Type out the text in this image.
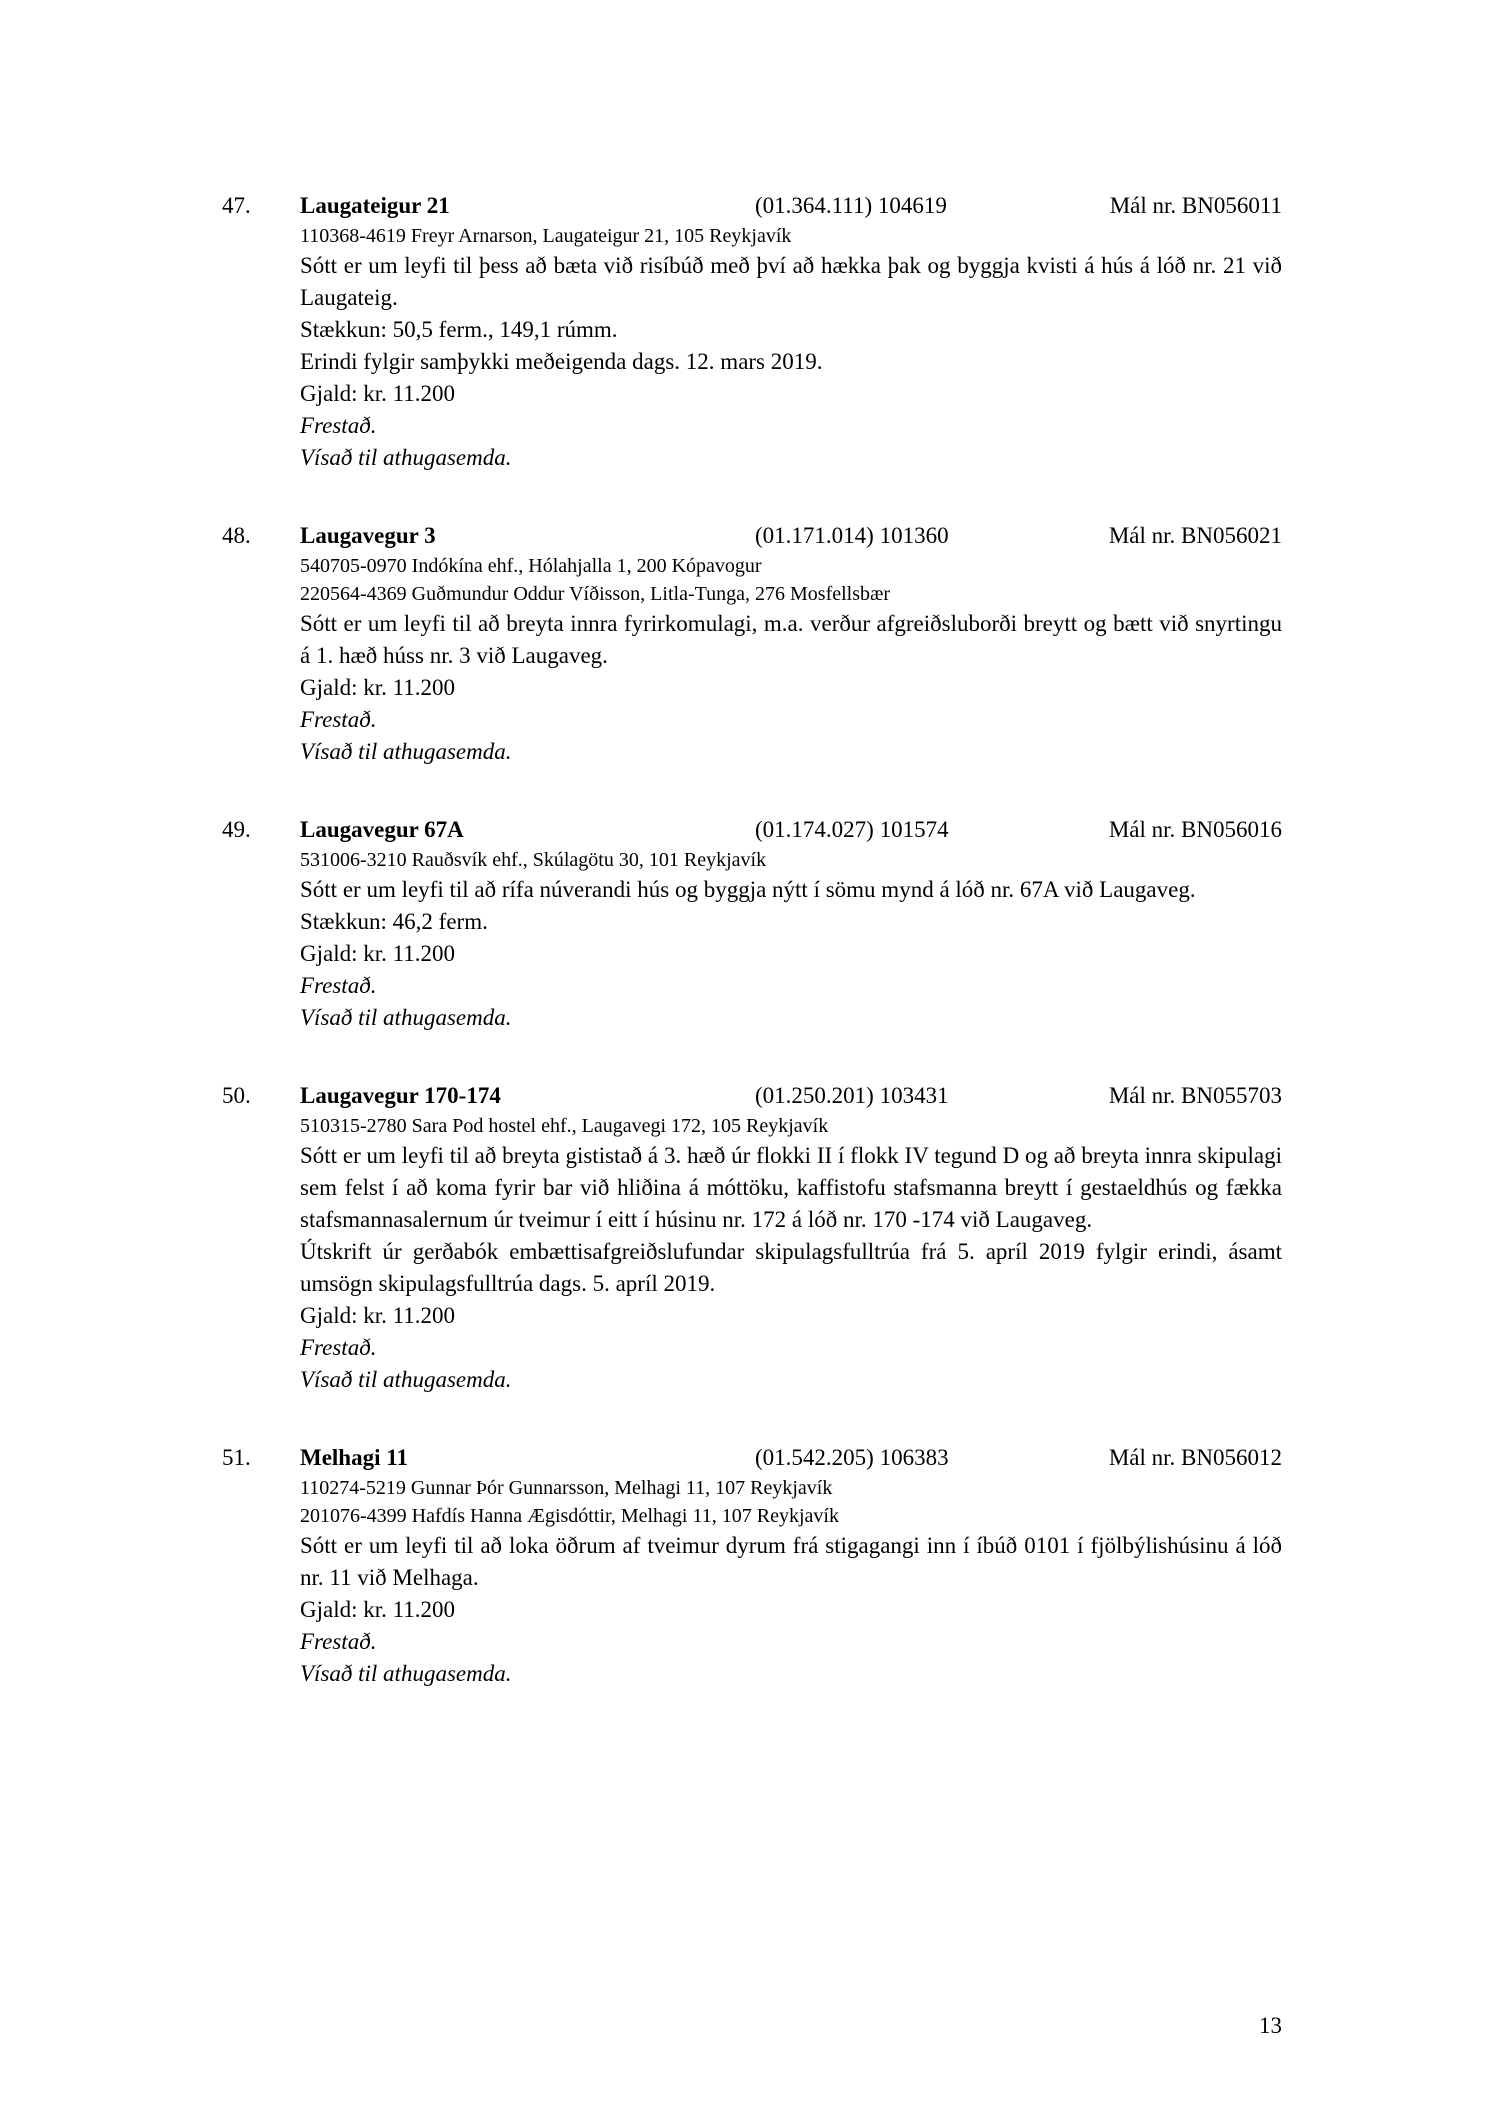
47. Laugateigur 21	(01.364.111) 104619	Mál nr. BN056011
110368-4619 Freyr Arnarson, Laugateigur 21, 105 Reykjavík
Sótt er um leyfi til þess að bæta við risíbúð með því að hækka þak og byggja kvisti á hús á lóð nr. 21 við Laugateig.
Stækkun: 50,5 ferm., 149,1 rúmm.
Erindi fylgir samþykki meðeigenda dags. 12. mars 2019.
Gjald: kr. 11.200
Frestað.
Vísað til athugasemda.
48. Laugavegur 3	(01.171.014) 101360	Mál nr. BN056021
540705-0970 Indókína ehf., Hólahjalla 1, 200 Kópavogur
220564-4369 Guðmundur Oddur Víðisson, Litla-Tunga, 276 Mosfellsbær
Sótt er um leyfi til að breyta innra fyrirkomulagi, m.a. verður afgreiðsluborði breytt og bætt við snyrtingu á 1. hæð húss nr. 3 við Laugaveg.
Gjald: kr. 11.200
Frestað.
Vísað til athugasemda.
49. Laugavegur 67A	(01.174.027) 101574	Mál nr. BN056016
531006-3210 Rauðsvík ehf., Skúlagötu 30, 101 Reykjavík
Sótt er um leyfi til að rífa núverandi hús og byggja nýtt í sömu mynd á lóð nr. 67A við Laugaveg.
Stækkun: 46,2 ferm.
Gjald: kr. 11.200
Frestað.
Vísað til athugasemda.
50. Laugavegur 170-174	(01.250.201) 103431	Mál nr. BN055703
510315-2780 Sara Pod hostel ehf., Laugavegi 172, 105 Reykjavík
Sótt er um leyfi til að breyta gististað á 3. hæð úr flokki II í flokk IV tegund D og að breyta innra skipulagi sem felst í að koma fyrir bar við hliðina á móttöku, kaffistofu stafsmanna breytt í gestaeldhús og fækka stafsmannasalernum úr tveimur í eitt í húsinu nr. 172 á lóð nr. 170 -174 við Laugaveg.
Útskrift úr gerðabók embættisafgreiðslufundar skipulagsfulltrúa frá 5. apríl 2019 fylgir erindi, ásamt umsögn skipulagsfulltrúa dags. 5. apríl 2019.
Gjald: kr. 11.200
Frestað.
Vísað til athugasemda.
51. Melhagi 11	(01.542.205) 106383	Mál nr. BN056012
110274-5219 Gunnar Þór Gunnarsson, Melhagi 11, 107 Reykjavík
201076-4399 Hafdís Hanna Ægisdóttir, Melhagi 11, 107 Reykjavík
Sótt er um leyfi til að loka öðrum af tveimur dyrum frá stigagangi inn í íbúð 0101 í fjölbýlishúsinu á lóð nr. 11 við Melhaga.
Gjald: kr. 11.200
Frestað.
Vísað til athugasemda.
13
